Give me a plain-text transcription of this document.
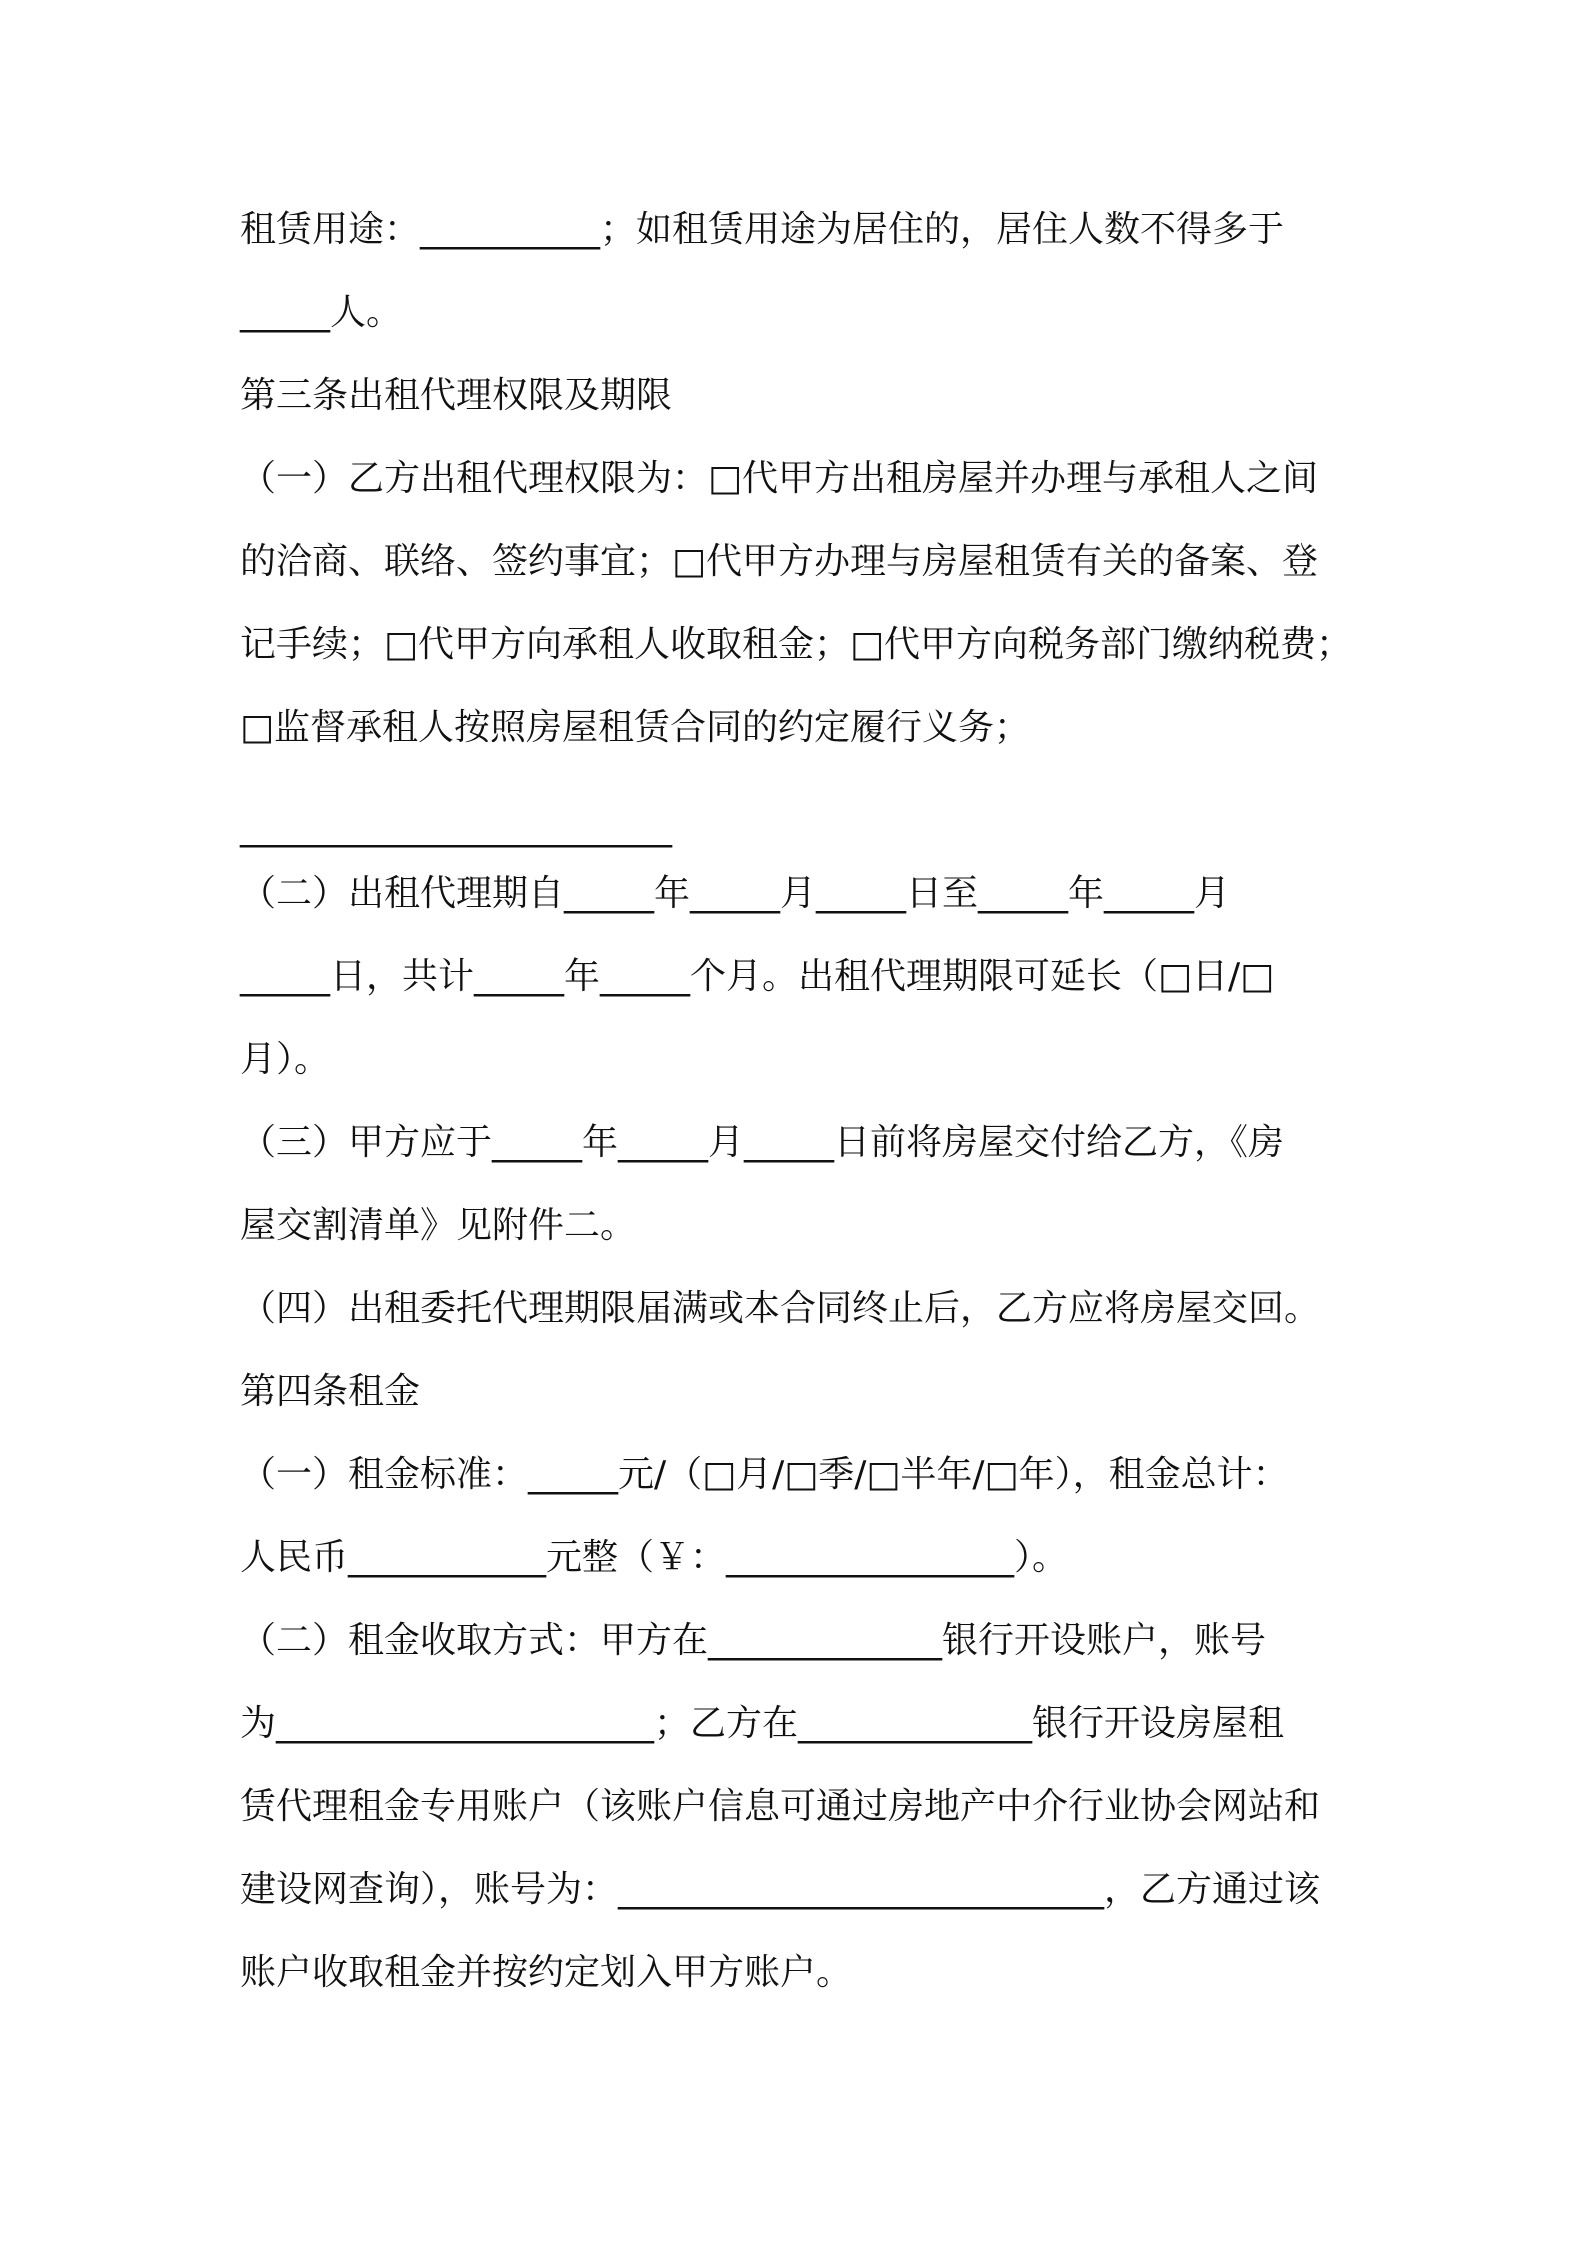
租赁用途：__________；如租赁用途为居住的，居住人数不得多于
_____人。
第三条出租代理权限及期限
（一）乙方出租代理权限为：□代甲方出租房屋并办理与承租人之间
的洽商、联络、签约事宜；□代甲方办理与房屋租赁有关的备案、登
记手续；□代甲方向承租人收取租金；□代甲方向税务部门缴纳税费；
□监督承租人按照房屋租赁合同的约定履行义务；
________________________
（二）出租代理期自_____年_____月_____日至_____年_____月
_____日，共计_____年_____个月。出租代理期限可延长（□日/□
月）。
（三）甲方应于_____年_____月_____日前将房屋交付给乙方，《房
屋交割清单》见附件二。
（四）出租委托代理期限届满或本合同终止后，乙方应将房屋交回。
第四条租金
（一）租金标准：_____元/（□月/□季/□半年/□年），租金总计：
人民币___________元整（￥：________________）。
（二）租金收取方式：甲方在_____________银行开设账户，账号
为_____________________；乙方在_____________银行开设房屋租
赁代理租金专用账户（该账户信息可通过房地产中介行业协会网站和
建设网查询），账号为：___________________________，乙方通过该
账户收取租金并按约定划入甲方账户。
